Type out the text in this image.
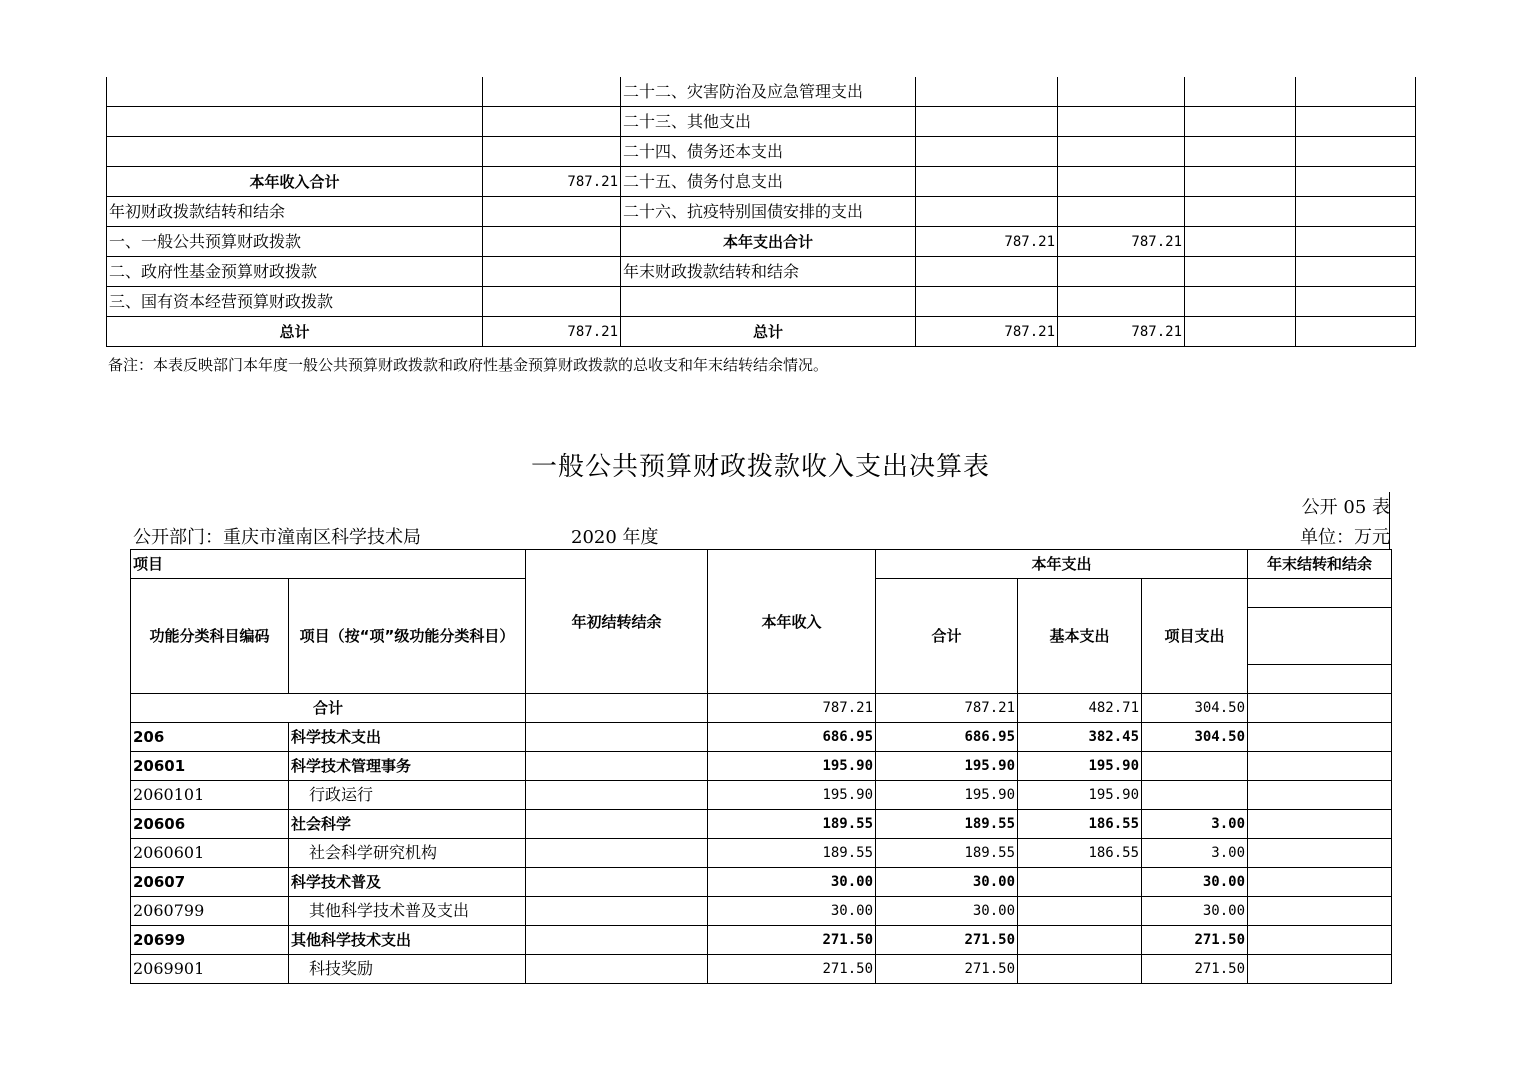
		二十二、灾害防治及应急管理支出				
		二十三、其他支出				
		二十四、债务还本支出				
本年收入合计	787.21	二十五、债务付息支出				
年初财政拨款结转和结余		二十六、抗疫特别国债安排的支出				
一、一般公共预算财政拨款		本年支出合计	787.21	787.21		
二、政府性基金预算财政拨款		年末财政拨款结转和结余				
三、国有资本经营预算财政拨款						
总计	787.21	总计	787.21	787.21		
备注：本表反映部门本年度一般公共预算财政拨款和政府性基金预算财政拨款的总收支和年末结转结余情况。
一般公共预算财政拨款收入支出决算表
公开 05 表
公开部门：重庆市潼南区科学技术局	2020 年度	单位：万元
项目		年初结转结余	本年收入	本年支出			年末结转和结余
功能分类科目编码	项目（按“项”级功能分类科目）			合计	基本支出	项目支出	

合计			787.21	787.21	482.71	304.50	
206	科学技术支出		686.95	686.95	382.45	304.50	
20601	科学技术管理事务		195.90	195.90	195.90		
2060101	行政运行		195.90	195.90	195.90		
20606	社会科学		189.55	189.55	186.55	3.00	
2060601	社会科学研究机构		189.55	189.55	186.55	3.00	
20607	科学技术普及		30.00	30.00		30.00	
2060799	其他科学技术普及支出		30.00	30.00		30.00	
20699	其他科学技术支出		271.50	271.50		271.50	
2069901	科技奖励		271.50	271.50		271.50	
